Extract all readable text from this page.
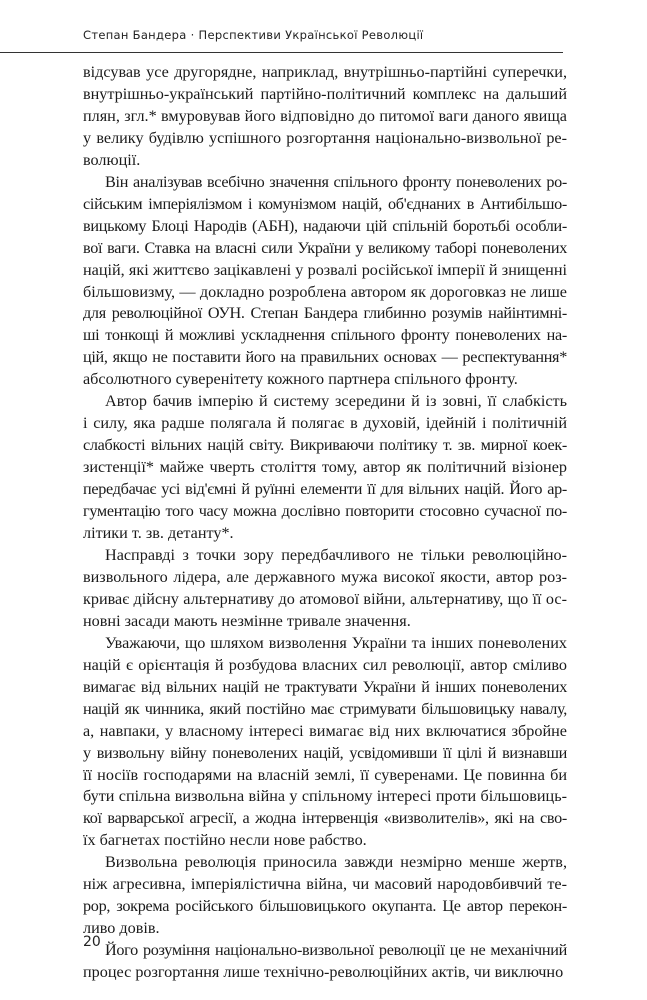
Степан Бандера · Перспективи Української Революції

відсував усе другорядне, наприклад, внутрішньо-партійні суперечки,
внутрішньо-український партійно-політичний комплекс на дальший
плян, згл.* вмуровував його відповідно до питомої ваги даного явища
у велику будівлю успішного розгортання національно-визвольної ре-
волюції.

Він аналізував всебічно значення спільного фронту поневолених ро-
сійським імперіялізмом і комунізмом націй, об'єднаних в Антибільшо-
вицькому Блоці Народів (АБН), надаючи цій спільній боротьбі особли-
вої ваги. Ставка на власні сили України у великому таборі поневолених
націй, які життєво зацікавлені у розвалі російської імперії й знищенні
більшовизму, — докладно розроблена автором як дороговказ не лише
для революційної ОУН. Степан Бандера глибинно розумів найінтимні-
ші тонкощі й можливі ускладнення спільного фронту поневолених на-
цій, якщо не поставити його на правильних основах — респектування*
абсолютного суверенітету кожного партнера спільного фронту.

Автор бачив імперію й систему зсередини й із зовні, її слабкість
і силу, яка радше полягала й полягає в духовій, ідейній і політичній
слабкості вільних націй світу. Викриваючи політику т. зв. мирної коек-
зистенції* майже чверть століття тому, автор як політичний візіонер
передбачає усі від'ємні й руїнні елементи її для вільних націй. Його ар-
гументацію того часу можна дослівно повторити стосовно сучасної по-
літики т. зв. детанту*.

Насправді з точки зору передбачливого не тільки революційно-
визвольного лідера, але державного мужа високої якости, автор роз-
криває дійсну альтернативу до атомової війни, альтернативу, що її ос-
новні засади мають незмінне тривале значення.

Уважаючи, що шляхом визволення України та інших поневолених
націй є орієнтація й розбудова власних сил революції, автор сміливо
вимагає від вільних націй не трактувати України й інших поневолених
націй як чинника, який постійно має стримувати більшовицьку навалу,
а, навпаки, у власному інтересі вимагає від них включатися збройне
у визвольну війну поневолених націй, усвідомивши її цілі й визнавши
її носіїв господарями на власній землі, її суверенами. Це повинна би
бути спільна визвольна війна у спільному інтересі проти більшовиць-
кої варварської агресії, а жодна інтервенція «визволителів», які на сво-
їх багнетах постійно несли нове рабство.

Визвольна революція приносила завжди незмірно менше жертв,
ніж агресивна, імперіялістична війна, чи масовий народовбивчий те-
рор, зокрема російського більшовицького окупанта. Це автор перекон-
ливо довів.

Його розуміння національно-визвольної революції це не механічний
процес розгортання лише технічно-революційних актів, чи виключно

20
